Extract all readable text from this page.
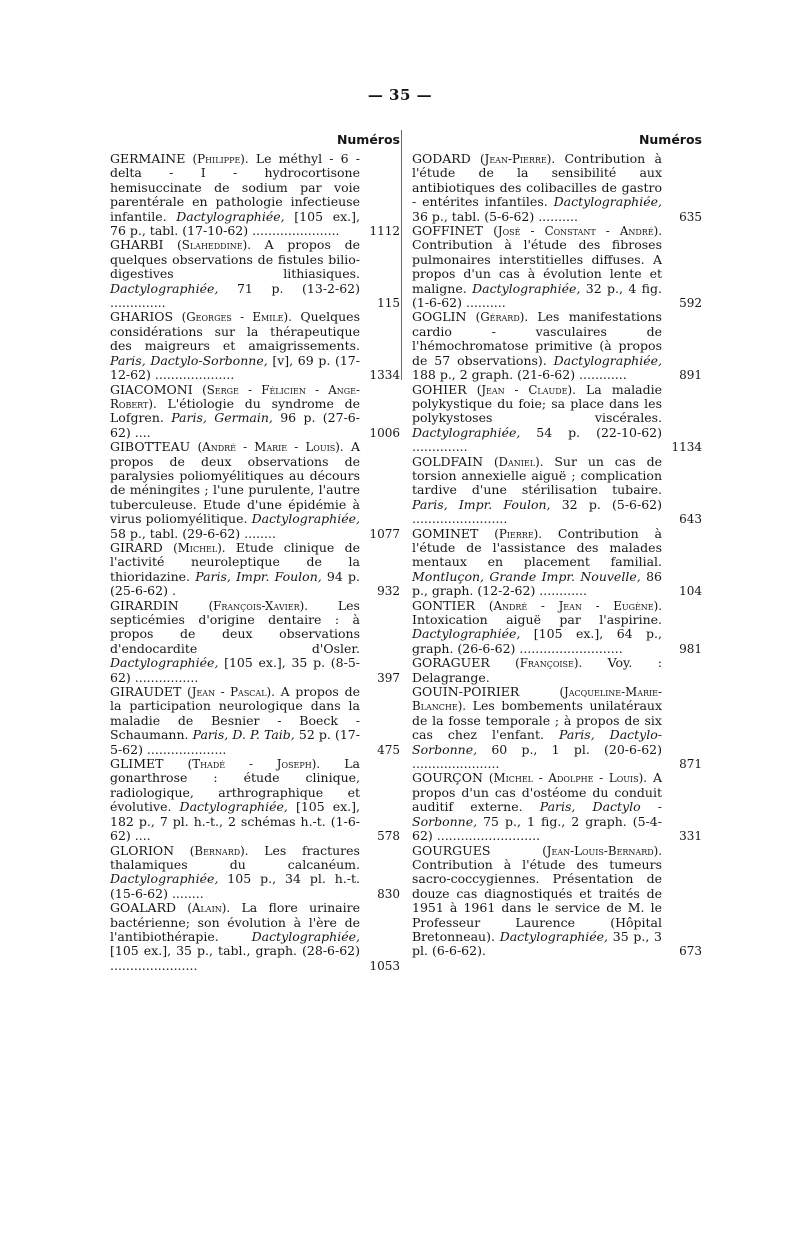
— 35 —
Numéros

GERMAINE (Philippe). Le méthyl - 6 - delta - I - hydrocortisone hemisuccinate de sodium par voie parentérale en pathologie infectieuse infantile. Dactylographiée, [105 ex.], 76 p., tabl. (17-10-62) ......................	1112

GHARBI (Slaheddine). A propos de quelques observations de fistules bilio-digestives lithiasiques. Dactylographiée, 71 p. (13-2-62) ..............	115

GHARIOS (Georges - Emile). Quelques considérations sur la thérapeutique des maigreurs et amaigrissements. Paris, Dactylo-Sorbonne, [v], 69 p. (17-12-62) ....................	1334

GIACOMONI (Serge - Félicien - Ange-Robert). L'étiologie du syndrome de Lofgren. Paris, Germain, 96 p. (27-6-62) ....	1006

GIBOTTEAU (André - Marie - Louis). A propos de deux observations de paralysies poliomyélitiques au décours de méningites ; l'une purulente, l'autre tuberculeuse. Etude d'une épidémie à virus poliomyélitique. Dactylographiée, 58 p., tabl. (29-6-62) ........	1077

GIRARD (Michel). Etude clinique de l'activité neuroleptique de la thioridazine. Paris, Impr. Foulon, 94 p. (25-6-62) .	932

GIRARDIN	(François-Xavier). Les septicémies d'origine dentaire : à propos de deux observations d'endocardite d'Osler. Dactylographiée, [105 ex.], 35 p. (8-5-62) ................	397

GIRAUDET (Jean - Pascal). A propos de la participation neurologique dans la maladie de Besnier - Boeck - Schaumann. Paris, D. P. Taib, 52 p. (17-5-62) ....................	475

GLIMET (Thadé - Joseph). La gonarthrose : étude clinique, radiologique, arthrographique et évolutive. Dactylographiée, [105 ex.], 182 p., 7 pl. h.-t., 2 schémas h.-t. (1-6-62) ....	578

GLORION (Bernard). Les fractures thalamiques du calcanéum. Dactylographiée, 105 p., 34 pl. h.-t. (15-6-62) ........	830

GOALARD (Alain). La flore urinaire bactérienne; son évolution à l'ère de l'antibiothérapie.	Dactylographiée, [105 ex.], 35 p., tabl., graph. (28-6-62) ......................	1053

Numéros

GODARD (Jean-Pierre). Contribution à l'étude de la sensibilité aux antibiotiques des colibacilles de gastro - entérites infantiles. Dactylographiée, 36 p., tabl. (5-6-62) ..........	635

GOFFINET (José - Constant - André). Contribution à l'étude des fibroses pulmonaires interstitielles diffuses. A propos d'un cas à évolution lente et maligne. Dactylographiée, 32 p., 4 fig. (1-6-62) ..........	592

GOGLIN (Gérard). Les manifestations cardio - vasculaires de l'hémochromatose primitive (à propos de 57 observations). Dactylographiée, 188 p., 2 graph. (21-6-62) ............	891

GOHIER (Jean - Claude). La maladie polykystique du foie; sa place dans les polykystoses viscérales. Dactylographiée, 54 p. (22-10-62) ..............	1134

GOLDFAIN (Daniel). Sur un cas de torsion annexielle aiguë ; complication tardive d'une stérilisation tubaire. Paris, Impr. Foulon, 32 p. (5-6-62) ........................	643

GOMINET (Pierre). Contribution à l'étude de l'assistance des malades mentaux en placement familial. Montluçon, Grande Impr. Nouvelle, 86 p., graph. (12-2-62) ............	104

GONTIER (André - Jean - Eugène). Intoxication aiguë par l'aspirine. Dactylographiée, [105 ex.], 64 p., graph. (26-6-62) ..........................	981

GORAGUER (Françoise). Voy. : Delagrange.

GOUIN-POIRIER	(Jacqueline-Marie-Blanche). Les bombements unilatéraux de la fosse temporale ; à propos de six cas chez l'enfant. Paris, Dactylo-Sorbonne, 60 p., 1 pl. (20-6-62) ......................	871

GOURÇON (Michel - Adolphe - Louis). A propos d'un cas d'ostéome du conduit auditif externe. Paris, Dactylo - Sorbonne, 75 p., 1 fig., 2 graph. (5-4-62) ..........................	331

GOURGUES	(Jean-Louis-Bernard). Contribution à l'étude des tumeurs sacro-coccygiennes. Présentation de douze cas diagnostiqués et traités de 1951 à 1961 dans le service de M. le Professeur Laurence (Hôpital Bretonneau). Dactylographiée, 35 p., 3 pl. (6-6-62).	673
